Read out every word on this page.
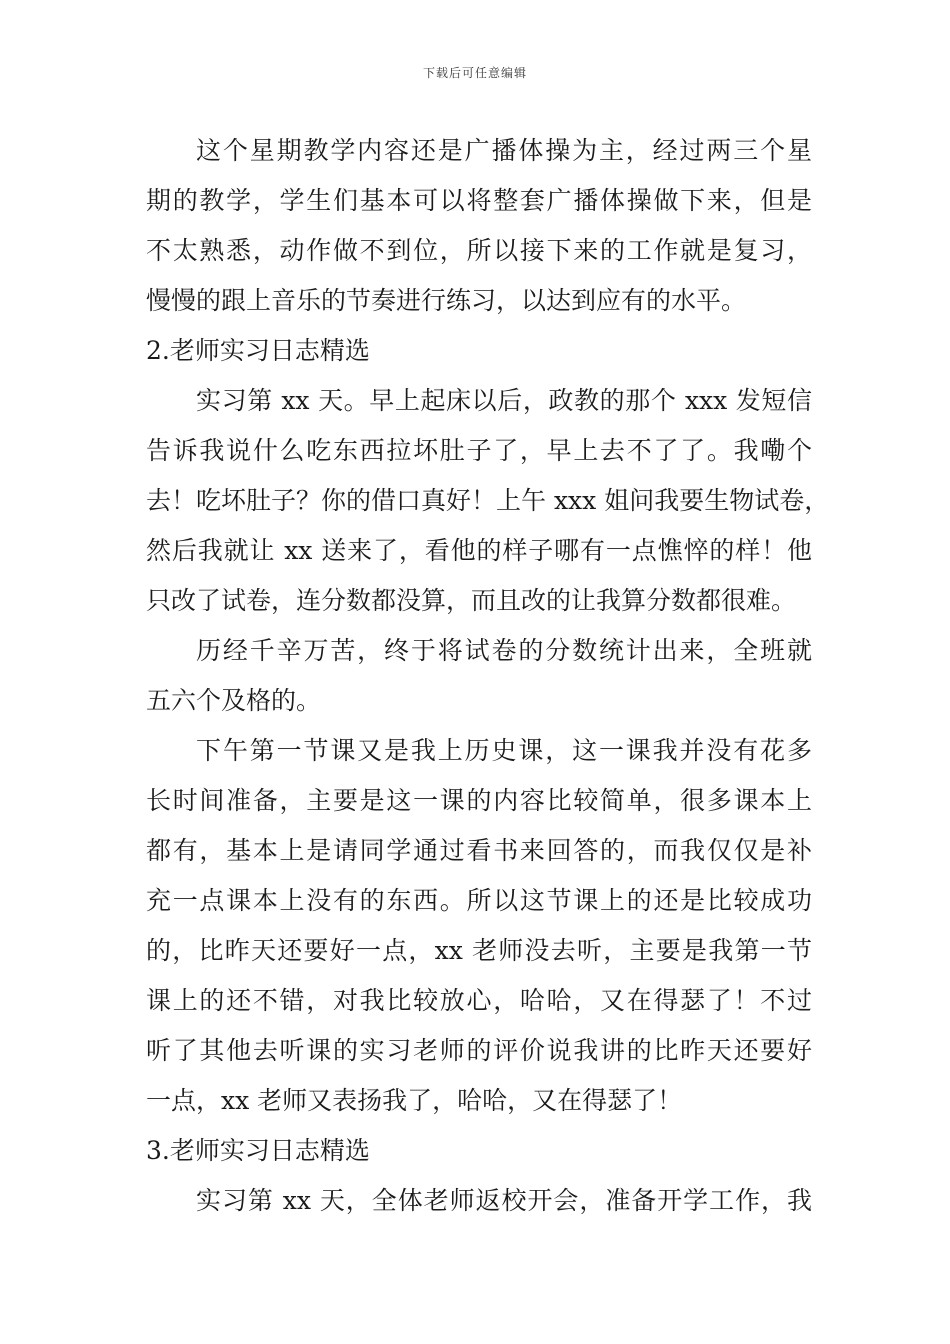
下载后可任意编辑
这个星期教学内容还是广播体操为主，经过两三个星
期的教学，学生们基本可以将整套广播体操做下来，但是
不太熟悉，动作做不到位，所以接下来的工作就是复习，
慢慢的跟上音乐的节奏进行练习，以达到应有的水平。
2.老师实习日志精选
实习第 xx 天。早上起床以后，政教的那个 xxx 发短信
告诉我说什么吃东西拉坏肚子了，早上去不了了。我嘞个
去！吃坏肚子？你的借口真好！上午 xxx 姐问我要生物试卷，
然后我就让 xx 送来了，看他的样子哪有一点憔悴的样！他
只改了试卷，连分数都没算，而且改的让我算分数都很难。
历经千辛万苦，终于将试卷的分数统计出来，全班就
五六个及格的。
下午第一节课又是我上历史课，这一课我并没有花多
长时间准备，主要是这一课的内容比较简单，很多课本上
都有，基本上是请同学通过看书来回答的，而我仅仅是补
充一点课本上没有的东西。所以这节课上的还是比较成功
的，比昨天还要好一点，xx 老师没去听，主要是我第一节
课上的还不错，对我比较放心，哈哈，又在得瑟了！不过
听了其他去听课的实习老师的评价说我讲的比昨天还要好
一点，xx 老师又表扬我了，哈哈，又在得瑟了！
3.老师实习日志精选
实习第 xx 天，全体老师返校开会，准备开学工作，我
